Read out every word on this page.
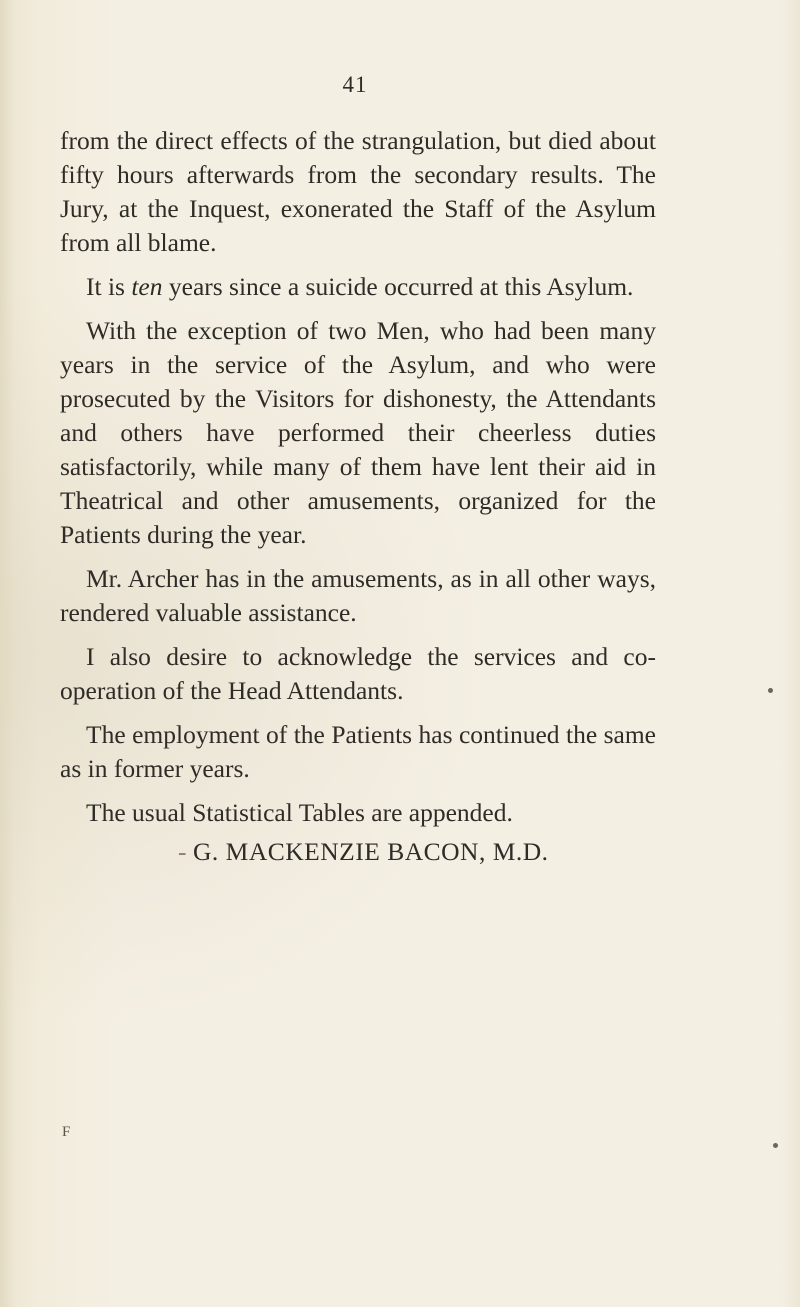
41

from the direct effects of the strangulation, but died about fifty hours afterwards from the secondary results. The Jury, at the Inquest, exonerated the Staff of the Asylum from all blame.

It is ten years since a suicide occurred at this Asylum.

With the exception of two Men, who had been many years in the service of the Asylum, and who were prosecuted by the Visitors for dishonesty, the Attendants and others have performed their cheerless duties satisfactorily, while many of them have lent their aid in Theatrical and other amusements, organized for the Patients during the year.

Mr. Archer has in the amusements, as in all other ways, rendered valuable assistance.

I also desire to acknowledge the services and co-operation of the Head Attendants.

The employment of the Patients has continued the same as in former years.

The usual Statistical Tables are appended.

- G. MACKENZIE BACON, M.D.
F
